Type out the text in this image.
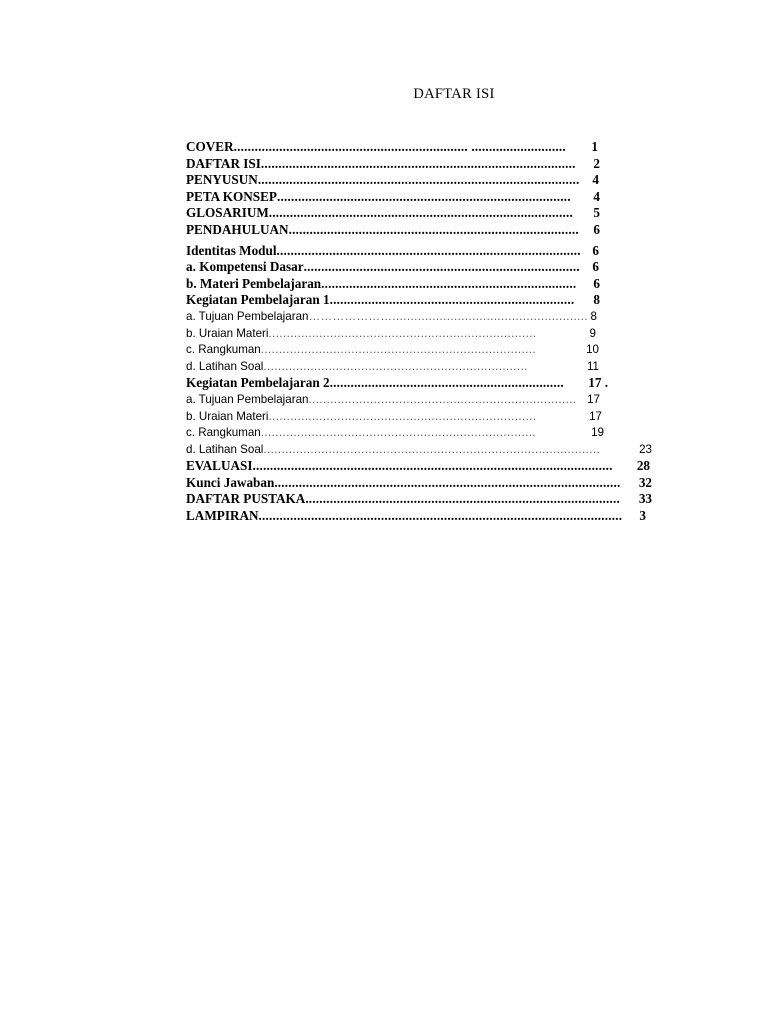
DAFTAR ISI
COVER ................................................................... ...........................	1
DAFTAR ISI ..........................................................................................	2
PENYUSUN ............................................................................................ 4
PETA KONSEP ....................................................................................	4
GLOSARIUM .......................................................................................	5
PENDAHULUAN ...................................................................................	6
Identitas Modul ....................................................................................... 6
a. Kompetensi Dasar ............................................................................... 6
b. Materi Pembelajaran .........................................................................	6
Kegiatan Pembelajaran 1 ......................................................................	8
a. Tujuan Pembelajaran …………………...................................................... 8
b. Uraian Materi ..........................................................................	9
c. Rangkuman ............................................................................	10
d. Latihan Soal .........................................................................	11
Kegiatan Pembelajaran 2 ...................................................................	17 .
a. Tujuan Pembelajaran .......................................................................... 17
b. Uraian Materi ..........................................................................	17
c. Rangkuman ............................................................................	19
d. Latihan Soal .............................................................................................	23
EVALUASI .......................................................................................................	28
Kunci Jawaban ...................................................................................................	32
DAFTAR PUSTAKA ..........................................................................................	33
LAMPIRAN ........................................................................................................	3
